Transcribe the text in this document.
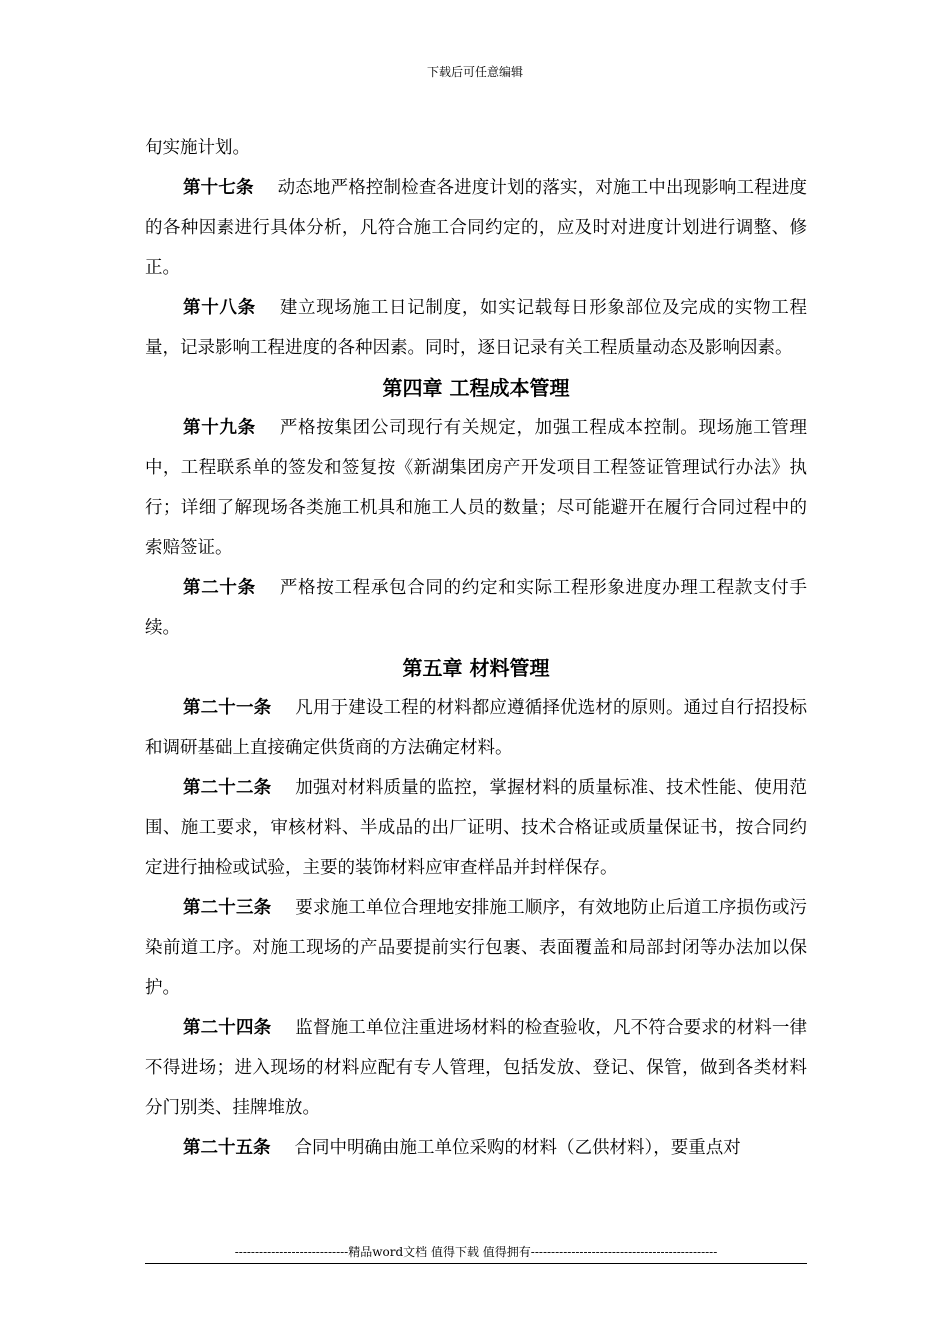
下载后可任意编辑

旬实施计划。

第十七条 动态地严格控制检查各进度计划的落实，对施工中出现影响工程进度的各种因素进行具体分析，凡符合施工合同约定的，应及时对进度计划进行调整、修正。

第十八条 建立现场施工日记制度，如实记载每日形象部位及完成的实物工程量，记录影响工程进度的各种因素。同时，逐日记录有关工程质量动态及影响因素。

第四章 工程成本管理

第十九条 严格按集团公司现行有关规定，加强工程成本控制。现场施工管理中，工程联系单的签发和签复按《新湖集团房产开发项目工程签证管理试行办法》执行；详细了解现场各类施工机具和施工人员的数量；尽可能避开在履行合同过程中的索赔签证。

第二十条 严格按工程承包合同的约定和实际工程形象进度办理工程款支付手续。

第五章 材料管理

第二十一条 凡用于建设工程的材料都应遵循择优选材的原则。通过自行招投标和调研基础上直接确定供货商的方法确定材料。

第二十二条 加强对材料质量的监控，掌握材料的质量标准、技术性能、使用范围、施工要求，审核材料、半成品的出厂证明、技术合格证或质量保证书，按合同约定进行抽检或试验，主要的装饰材料应审查样品并封样保存。

第二十三条 要求施工单位合理地安排施工顺序，有效地防止后道工序损伤或污染前道工序。对施工现场的产品要提前实行包裹、表面覆盖和局部封闭等办法加以保护。

第二十四条 监督施工单位注重进场材料的检查验收，凡不符合要求的材料一律不得进场；进入现场的材料应配有专人管理，包括发放、登记、保管，做到各类材料分门别类、挂牌堆放。

第二十五条 合同中明确由施工单位采购的材料（乙供材料），要重点对

----------------------------精品word文档 值得下载 值得拥有----------------------------------------------
